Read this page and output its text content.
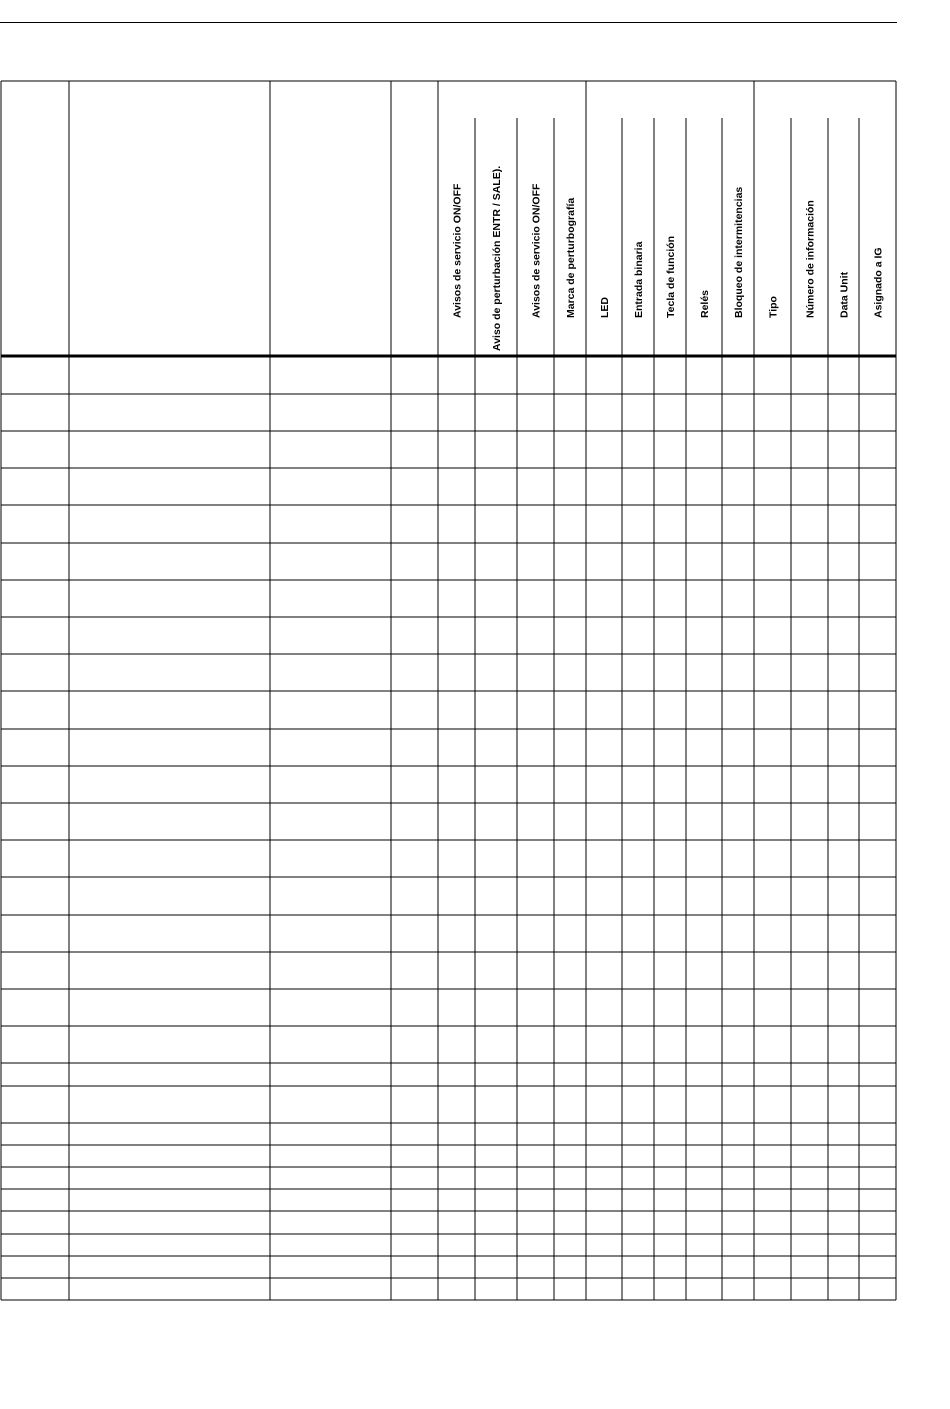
Avisos de servicio ON/OFF	Aviso de perturbación ENTR / SALE).	Avisos de servicio ON/OFF Marca de perturbografía LED Entrada binaria Tecla de función Relés Bloqueo de intermitencias Tipo Número de información Data Unit Asignado a IG
